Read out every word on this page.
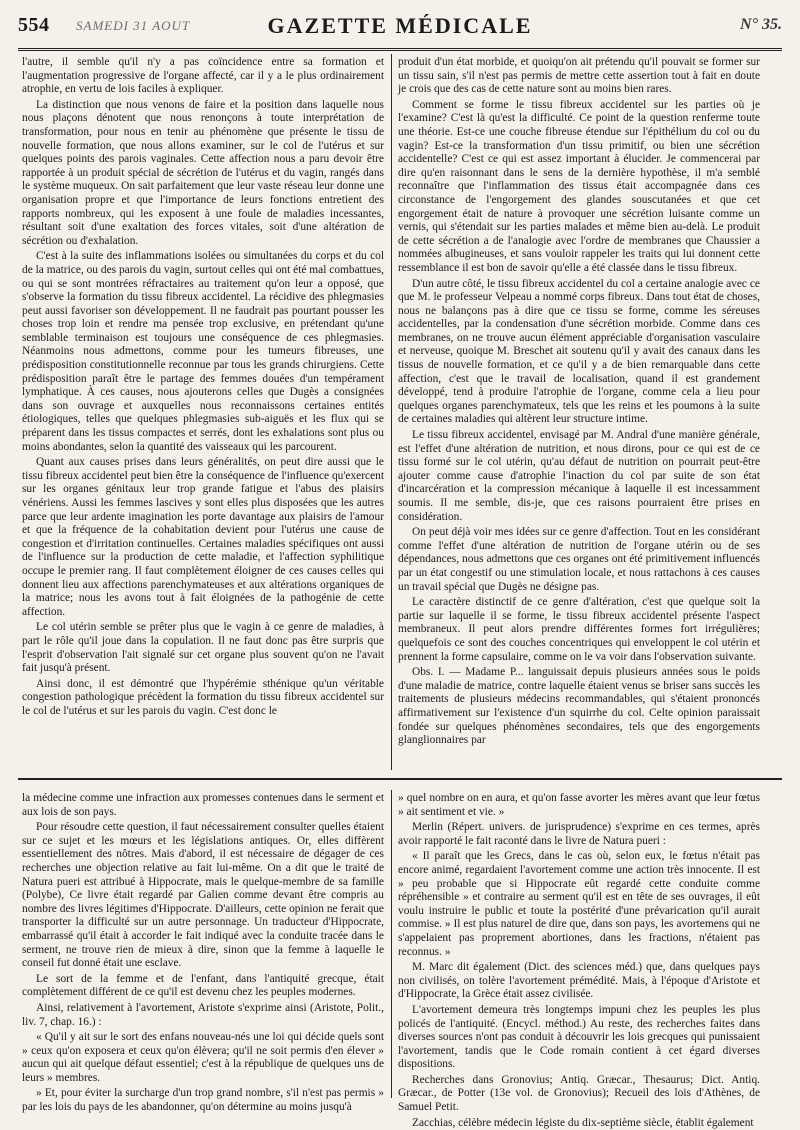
554 SAMEDI 31 AOUT	GAZETTE MÉDICALE	N° 35.

l'autre, il semble qu'il n'y a pas coïncidence entre sa formation et l'augmentation progressive de l'organe affecté, car il y a le plus ordinairement atrophie, en vertu de lois faciles à expliquer.

La distinction que nous venons de faire et la position dans laquelle nous nous plaçons dénotent que nous renonçons à toute interprétation de transformation, pour nous en tenir au phénomène que présente le tissu de nouvelle formation, que nous allons examiner, sur le col de l'utérus et sur quelques points des parois vaginales. Cette affection nous a paru devoir être rapportée à un produit spécial de sécrétion de l'utérus et du vagin, rangés dans le système muqueux. On sait parfaitement que leur vaste réseau leur donne une organisation propre et que l'importance de leurs fonctions entretient des rapports nombreux, qui les exposent à une foule de maladies incessantes, résultant soit d'une exaltation des forces vitales, soit d'une altération de sécrétion ou d'exhalation.

C'est à la suite des inflammations isolées ou simultanées du corps et du col de la matrice, ou des parois du vagin, surtout celles qui ont été mal combattues, ou qui se sont montrées réfractaires au traitement qu'on leur a opposé, que s'observe la formation du tissu fibreux accidentel. La récidive des phlegmasies peut aussi favoriser son développement. Il ne faudrait pas pourtant pousser les choses trop loin et rendre ma pensée trop exclusive, en prétendant qu'une semblable terminaison est toujours une conséquence de ces phlegmasies. Néanmoins nous admettons, comme pour les tumeurs fibreuses, une prédisposition constitutionnelle reconnue par tous les grands chirurgiens. Cette prédisposition paraît être le partage des femmes douées d'un tempérament lymphatique. À ces causes, nous ajouterons celles que Dugès a consignées dans son ouvrage et auxquelles nous reconnaissons certaines entités étiologiques, telles que quelques phlegmasies sub-aiguës et les flux qui se préparent dans les tissus compactes et serrés, dont les exhalations sont plus ou moins abondantes, selon la quantité des vaisseaux qui les parcourent.

Quant aux causes prises dans leurs généralités, on peut dire aussi que le tissu fibreux accidentel peut bien être la conséquence de l'influence qu'exercent sur les organes génitaux leur trop grande fatigue et l'abus des plaisirs vénériens. Aussi les femmes lascives y sont elles plus disposées que les autres parce que leur ardente imagination les porte davantage aux plaisirs de l'amour et que la fréquence de la cohabitation devient pour l'utérus une cause de congestion et d'irritation continuelles. Certaines maladies spécifiques ont aussi de l'influence sur la production de cette maladie, et l'affection syphilitique occupe le premier rang. Il faut complètement éloigner de ces causes celles qui donnent lieu aux affections parenchymateuses et aux altérations organiques de la matrice; nous les avons tout à fait éloignées de la pathogénie de cette affection.

Le col utérin semble se prêter plus que le vagin à ce genre de maladies, à part le rôle qu'il joue dans la copulation. Il ne faut donc pas être surpris que l'esprit d'observation l'ait signalé sur cet organe plus souvent qu'on ne l'avait fait jusqu'à présent.

Ainsi donc, il est démontré que l'hypérémie sthénique qu'un véritable congestion pathologique précèdent la formation du tissu fibreux accidentel sur le col de l'utérus et sur les parois du vagin. C'est donc le

produit d'un état morbide, et quoiqu'on ait prétendu qu'il pouvait se former sur un tissu sain, s'il n'est pas permis de mettre cette assertion tout à fait en doute je crois que des cas de cette nature sont au moins bien rares.

Comment se forme le tissu fibreux accidentel sur les parties où je l'examine? C'est là qu'est la difficulté. Ce point de la question renferme toute une théorie. Est-ce une couche fibreuse étendue sur l'épithélium du col ou du vagin? Est-ce la transformation d'un tissu primitif, ou bien une sécrétion accidentelle? C'est ce qui est assez important à élucider. Je commencerai par dire qu'en raisonnant dans le sens de la dernière hypothèse, il m'a semblé reconnaître que l'inflammation des tissus était accompagnée dans ces circonstance de l'engorgement des glandes souscutanées et que cet engorgement était de nature à provoquer une sécrétion luisante comme un vernis, qui s'étendait sur les parties malades et même bien au-delà. Le produit de cette sécrétion a de l'analogie avec l'ordre de membranes que Chaussier a nommées albugineuses, et sans vouloir rappeler les traits qui lui donnent cette ressemblance il est bon de savoir qu'elle a été classée dans le tissu fibreux.

D'un autre côté, le tissu fibreux accidentel du col a certaine analogie avec ce que M. le professeur Velpeau a nommé corps fibreux. Dans tout état de choses, nous ne balançons pas à dire que ce tissu se forme, comme les séreuses accidentelles, par la condensation d'une sécrétion morbide. Comme dans ces membranes, on ne trouve aucun élément appréciable d'organisation vasculaire et nerveuse, quoique M. Breschet ait soutenu qu'il y avait des canaux dans les tissus de nouvelle formation, et ce qu'il y a de bien remarquable dans cette affection, c'est que le travail de localisation, quand il est grandement développé, tend à produire l'atrophie de l'organe, comme cela a lieu pour quelques organes parenchymateux, tels que les reins et les poumons à la suite de certaines maladies qui altèrent leur structure intime.

Le tissu fibreux accidentel, envisagé par M. Andral d'une manière générale, est l'effet d'une altération de nutrition, et nous dirons, pour ce qui est de ce tissu formé sur le col utérin, qu'au défaut de nutrition on pourrait peut-être ajouter comme cause d'atrophie l'inaction du col par suite de son état d'incarcération et la compression mécanique à laquelle il est incessamment soumis. Il me semble, dis-je, que ces raisons pourraient être prises en considération.

On peut déjà voir mes idées sur ce genre d'affection. Tout en les considérant comme l'effet d'une altération de nutrition de l'organe utérin ou de ses dépendances, nous admettons que ces organes ont été primitivement influencés par un état congestif ou une stimulation locale, et nous rattachons à ces causes un travail spécial que Dugès ne désigne pas.

Le caractère distinctif de ce genre d'altération, c'est que quelque soit la partie sur laquelle il se forme, le tissu fibreux accidentel présente l'aspect membraneux. Il peut alors prendre différentes formes fort irrégulières; quelquefois ce sont des couches concentriques qui enveloppent le col utérin et prennent la forme capsulaire, comme on le va voir dans l'observation suivante.

Obs. I. — Madame P... languissait depuis plusieurs années sous le poids d'une maladie de matrice, contre laquelle étaient venus se briser sans succès les traitements de plusieurs médecins recommandables, qui s'étaient prononcés affirmativement sur l'existence d'un squirrhe du col. Celte opinion paraissait fondée sur quelques phénomènes secondaires, tels que des engorgements glanglionnaires par

la médecine comme une infraction aux promesses contenues dans le serment et aux lois de son pays.

Pour résoudre cette question, il faut nécessairement consulter quelles étaient sur ce sujet et les mœurs et les législations antiques. Or, elles diffèrent essentiellement des nôtres. Mais d'abord, il est nécessaire de dégager de ces recherches une objection relative au fait lui-même. On a dit que le traité de Natura pueri est attribué à Hippocrate, mais le quelque-membre de sa famille (Polybe), Ce livre était regardé par Galien comme devant être compris au nombre des livres légitimes d'Hippocrate. D'ailleurs, cette opinion ne ferait que transporter la difficulté sur un autre personnage. Un traducteur d'Hippocrate, embarrassé qu'il était à accorder le fait indiqué avec la conduite tracée dans le serment, ne trouve rien de mieux à dire, sinon que la femme à laquelle le conseil fut donné était une esclave.

Le sort de la femme et de l'enfant, dans l'antiquité grecque, était complètement différent de ce qu'il est devenu chez les peuples modernes.

Ainsi, relativement à l'avortement, Aristote s'exprime ainsi (Aristote, Polit., liv. 7, chap. 16.) :

« Qu'il y ait sur le sort des enfans nouveau-nés une loi qui décide quels sont » ceux qu'on exposera et ceux qu'on élèvera; qu'il ne soit permis d'en élever » aucun qui ait quelque défaut essentiel; c'est à la république de quelques uns de leurs » membres.

» Et, pour éviter la surcharge d'un trop grand nombre, s'il n'est pas permis » par les lois du pays de les abandonner, qu'on détermine au moins jusqu'à

» quel nombre on en aura, et qu'on fasse avorter les mères avant que leur fœtus » ait sentiment et vie. »

Merlin (Répert. univers. de jurisprudence) s'exprime en ces termes, après avoir rapporté le fait raconté dans le livre de Natura pueri :

« Il paraît que les Grecs, dans le cas où, selon eux, le fœtus n'était pas encore animé, regardaient l'avortement comme une action très innocente. Il est » peu probable que si Hippocrate eût regardé cette conduite comme répréhensible » et contraire au serment qu'il est en tête de ses ouvrages, il eût voulu instruire le public et toute la postérité d'une prévarication qu'il aurait commise. » Il est plus naturel de dire que, dans son pays, les avortemens qui ne s'appelaient pas proprement abortiones, dans les fractions, n'étaient pas reconnus. »

M. Marc dit également (Dict. des sciences méd.) que, dans quelques pays non civilisés, on tolère l'avortement prémédité. Mais, à l'époque d'Aristote et d'Hippocrate, la Grèce était assez civilisée.

L'avortement demeura très longtemps impuni chez les peuples les plus policés de l'antiquité. (Encycl. méthod.) Au reste, des recherches faites dans diverses sources n'ont pas conduit à découvrir les lois grecques qui punissaient l'avortement, tandis que le Code romain contient à cet égard diverses dispositions.

Recherches dans Gronovius; Antiq. Græcar., Thesaurus; Dict. Antiq. Græcar., de Potter (13e vol. de Gronovius); Recueil des lois d'Athènes, de Samuel Petit.

Zacchias, célèbre médecin légiste du dix-septième siècle, établit également
